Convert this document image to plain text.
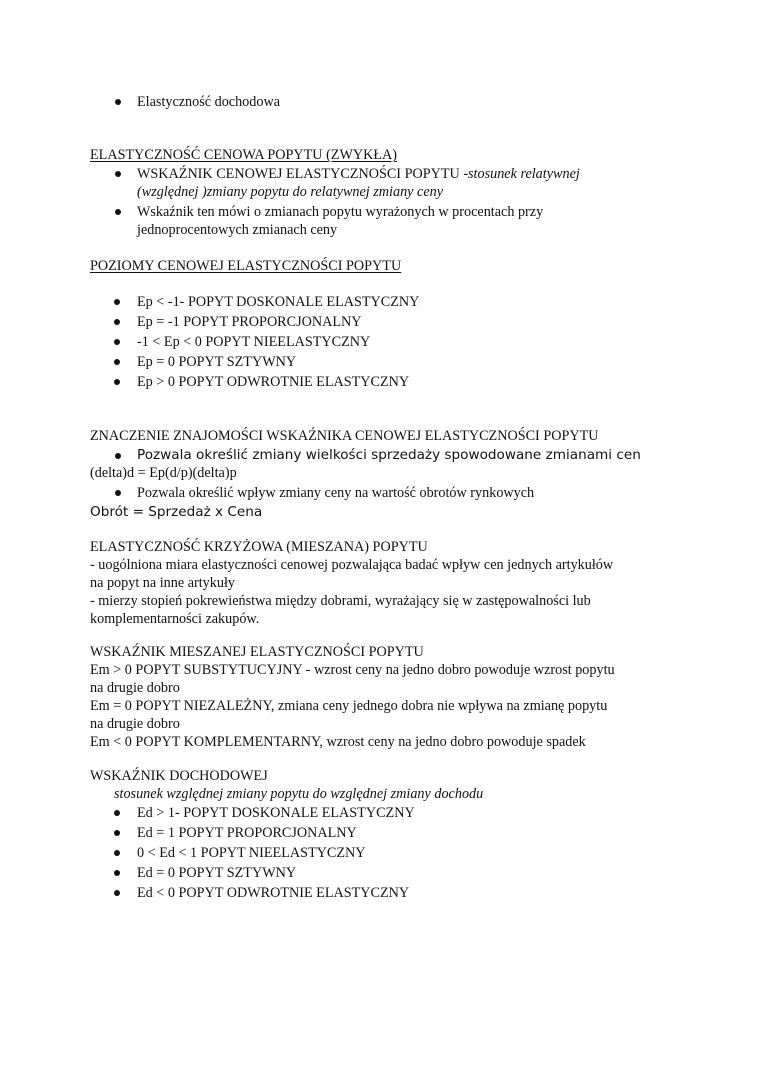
Elastyczność dochodowa
ELASTYCZNOŚĆ CENOWA POPYTU (ZWYKŁA)
WSKAŹNIK CENOWEJ ELASTYCZNOŚCI POPYTU -stosunek relatywnej
(względnej )zmiany popytu do relatywnej zmiany ceny
Wskaźnik ten mówi o zmianach popytu wyrażonych w procentach przy
jednoprocentowych zmianach ceny
POZIOMY CENOWEJ ELASTYCZNOŚCI POPYTU
Ep < -1- POPYT DOSKONALE ELASTYCZNY
Ep = -1 POPYT PROPORCJONALNY
-1 < Ep < 0 POPYT NIEELASTYCZNY
Ep = 0 POPYT SZTYWNY
Ep > 0 POPYT ODWROTNIE ELASTYCZNY
ZNACZENIE ZNAJOMOŚCI WSKAŹNIKA CENOWEJ ELASTYCZNOŚCI POPYTU
Pozwala określić zmiany wielkości sprzedaży spowodowane zmianami cen
(delta)d = Ep(d/p)(delta)p
Pozwala określić wpływ zmiany ceny na wartość obrotów rynkowych
Obrót = Sprzedaż x Cena
ELASTYCZNOŚĆ KRZYŻOWA (MIESZANA) POPYTU
- uogólniona miara elastyczności cenowej pozwalająca badać wpływ cen jednych artykułów
na popyt na inne artykuły
- mierzy stopień pokrewieństwa między dobrami, wyrażający się w zastępowalności lub
komplementarności zakupów.
WSKAŹNIK MIESZANEJ ELASTYCZNOŚCI POPYTU
Em > 0 POPYT SUBSTYTUCYJNY - wzrost ceny na jedno dobro powoduje wzrost popytu
na drugie dobro
Em = 0 POPYT NIEZALEŻNY, zmiana ceny jednego dobra nie wpływa na zmianę popytu
na drugie dobro
Em < 0 POPYT KOMPLEMENTARNY, wzrost ceny na jedno dobro powoduje spadek
WSKAŹNIK DOCHODOWEJ
stosunek względnej zmiany popytu do względnej zmiany dochodu
Ed > 1- POPYT DOSKONALE ELASTYCZNY
Ed = 1 POPYT PROPORCJONALNY
0 < Ed < 1 POPYT NIEELASTYCZNY
Ed = 0 POPYT SZTYWNY
Ed < 0 POPYT ODWROTNIE ELASTYCZNY
